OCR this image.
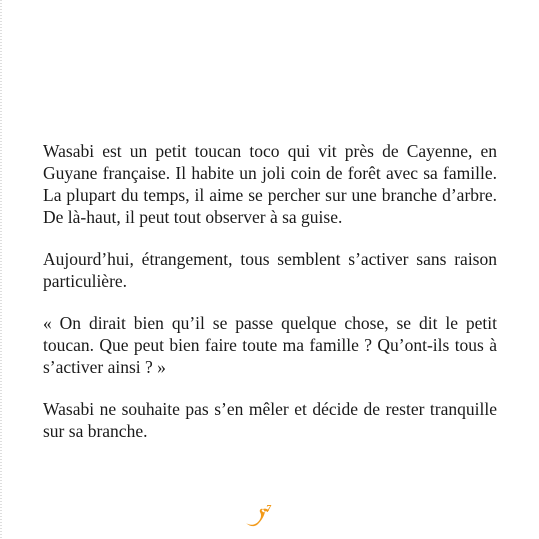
Wasabi est un petit toucan toco qui vit près de Cayenne, en Guyane française. Il habite un joli coin de forêt avec sa famille. La plupart du temps, il aime se percher sur une branche d’arbre. De là-haut, il peut tout observer à sa guise.

Aujourd’hui, étrangement, tous semblent s’activer sans raison particulière.

« On dirait bien qu’il se passe quelque chose, se dit le petit toucan. Que peut bien faire toute ma famille ? Qu’ont-ils tous à s’activer ainsi ? »

Wasabi ne souhaite pas s’en mêler et décide de rester tranquille sur sa branche.

7
